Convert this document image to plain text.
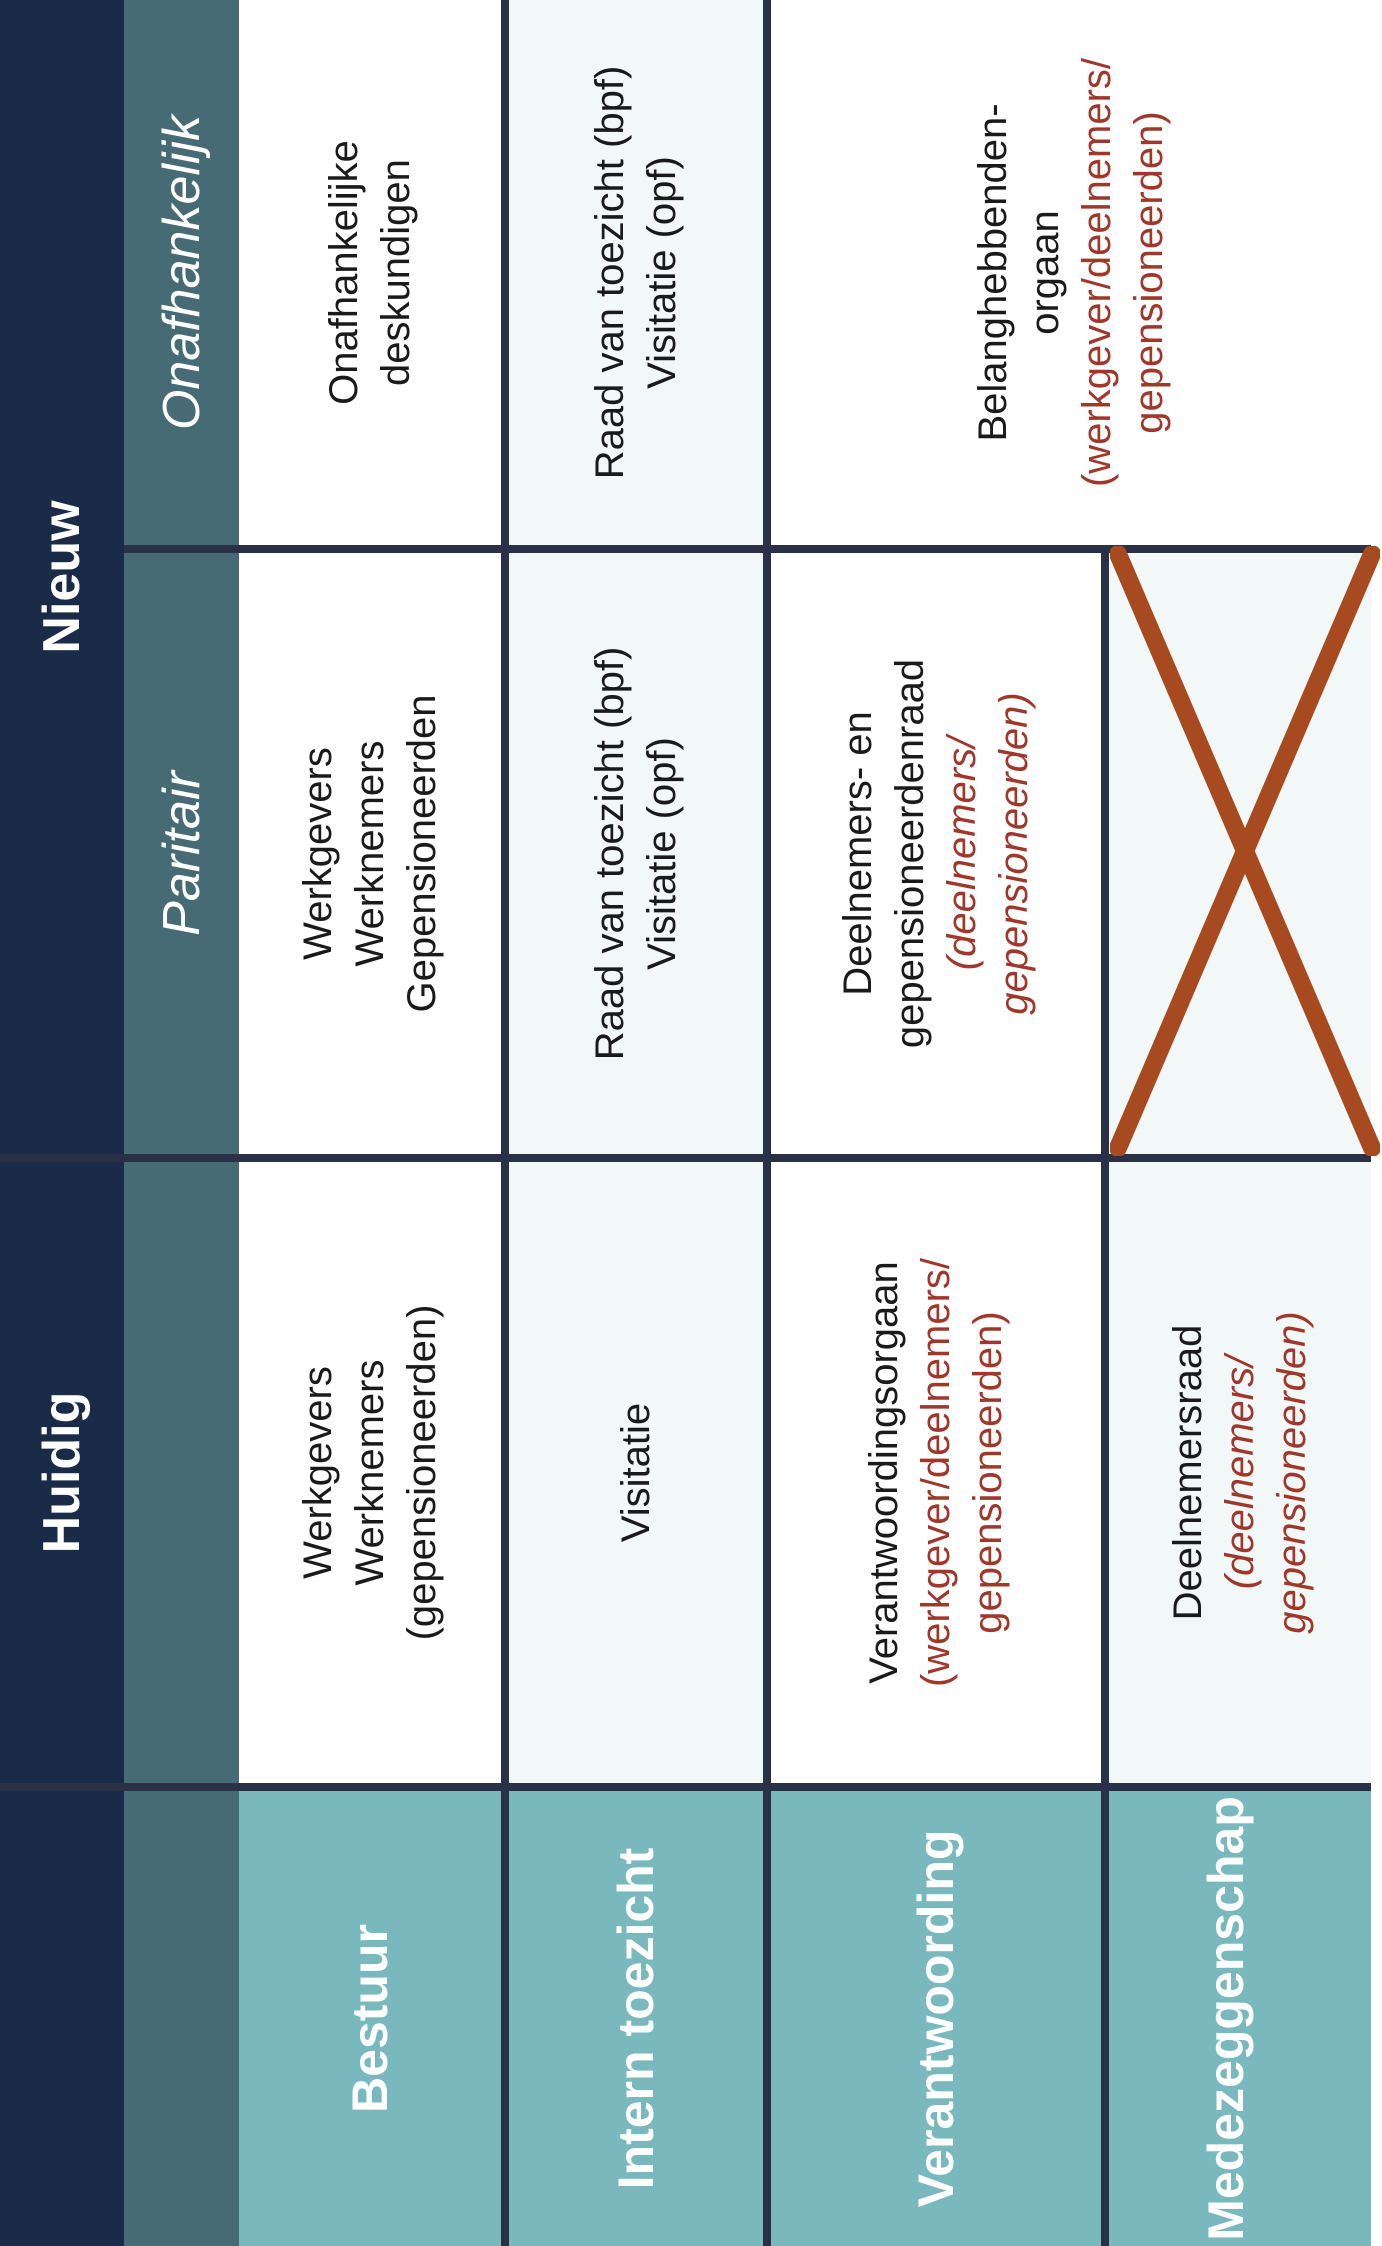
Huidig
Nieuw
Paritair
Onafhankelijk
Bestuur
Werkgevers Werknemers (gepensioneerden)
Werkgevers Werknemers Gepensioneerden
Onafhankelijke deskundigen
Intern toezicht
Visitatie
Raad van toezicht (bpf) Visitatie (opf)
Raad van toezicht (bpf) Visitatie (opf)
Verantwoording
Verantwoordingsorgaan (werkgever/deelnemers/ gepensioneerden)
Deelnemers- en gepensioneerdenraad (deelnemers/ gepensioneerden)
Belanghebbenden- orgaan (werkgever/deelnemers/ gepensioneerden)
Medezeggenschap
Deelnemersraad (deelnemers/ gepensioneerden)
